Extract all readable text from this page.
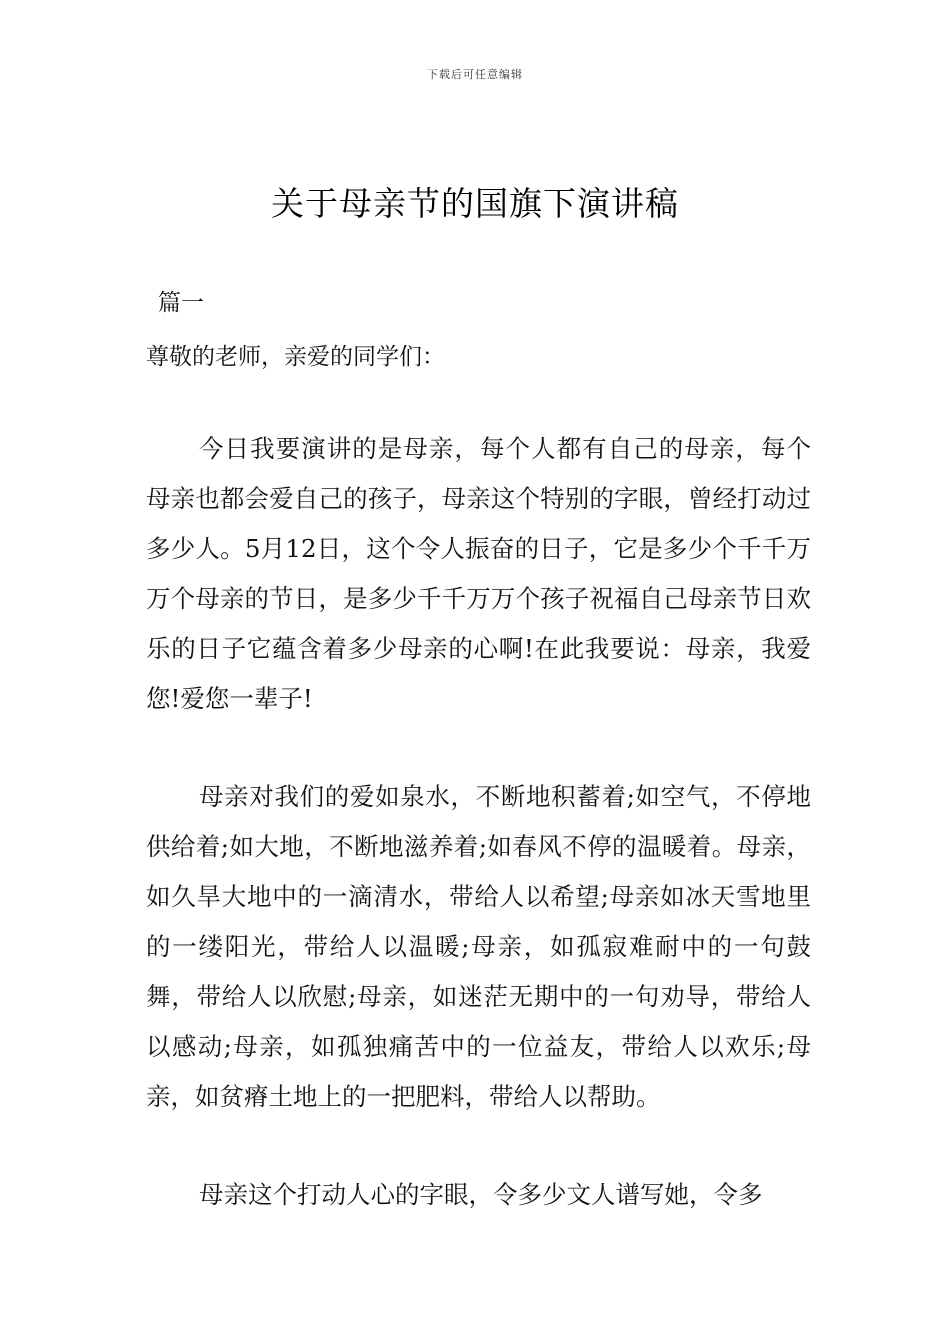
下载后可任意编辑
关于母亲节的国旗下演讲稿
篇一
尊敬的老师，亲爱的同学们：

今日我要演讲的是母亲，每个人都有自己的母亲，每个母亲也都会爱自己的孩子，母亲这个特别的字眼，曾经打动过多少人。5月12日，这个令人振奋的日子，它是多少个千千万万个母亲的节日，是多少千千万万个孩子祝福自己母亲节日欢乐的日子它蕴含着多少母亲的心啊!在此我要说：母亲，我爱您!爱您一辈子!

母亲对我们的爱如泉水，不断地积蓄着;如空气，不停地供给着;如大地，不断地滋养着;如春风不停的温暖着。母亲，如久旱大地中的一滴清水，带给人以希望;母亲如冰天雪地里的一缕阳光，带给人以温暖;母亲，如孤寂难耐中的一句鼓舞，带给人以欣慰;母亲，如迷茫无期中的一句劝导，带给人以感动;母亲，如孤独痛苦中的一位益友，带给人以欢乐;母亲，如贫瘠土地上的一把肥料，带给人以帮助。

母亲这个打动人心的字眼，令多少文人谱写她，令多
